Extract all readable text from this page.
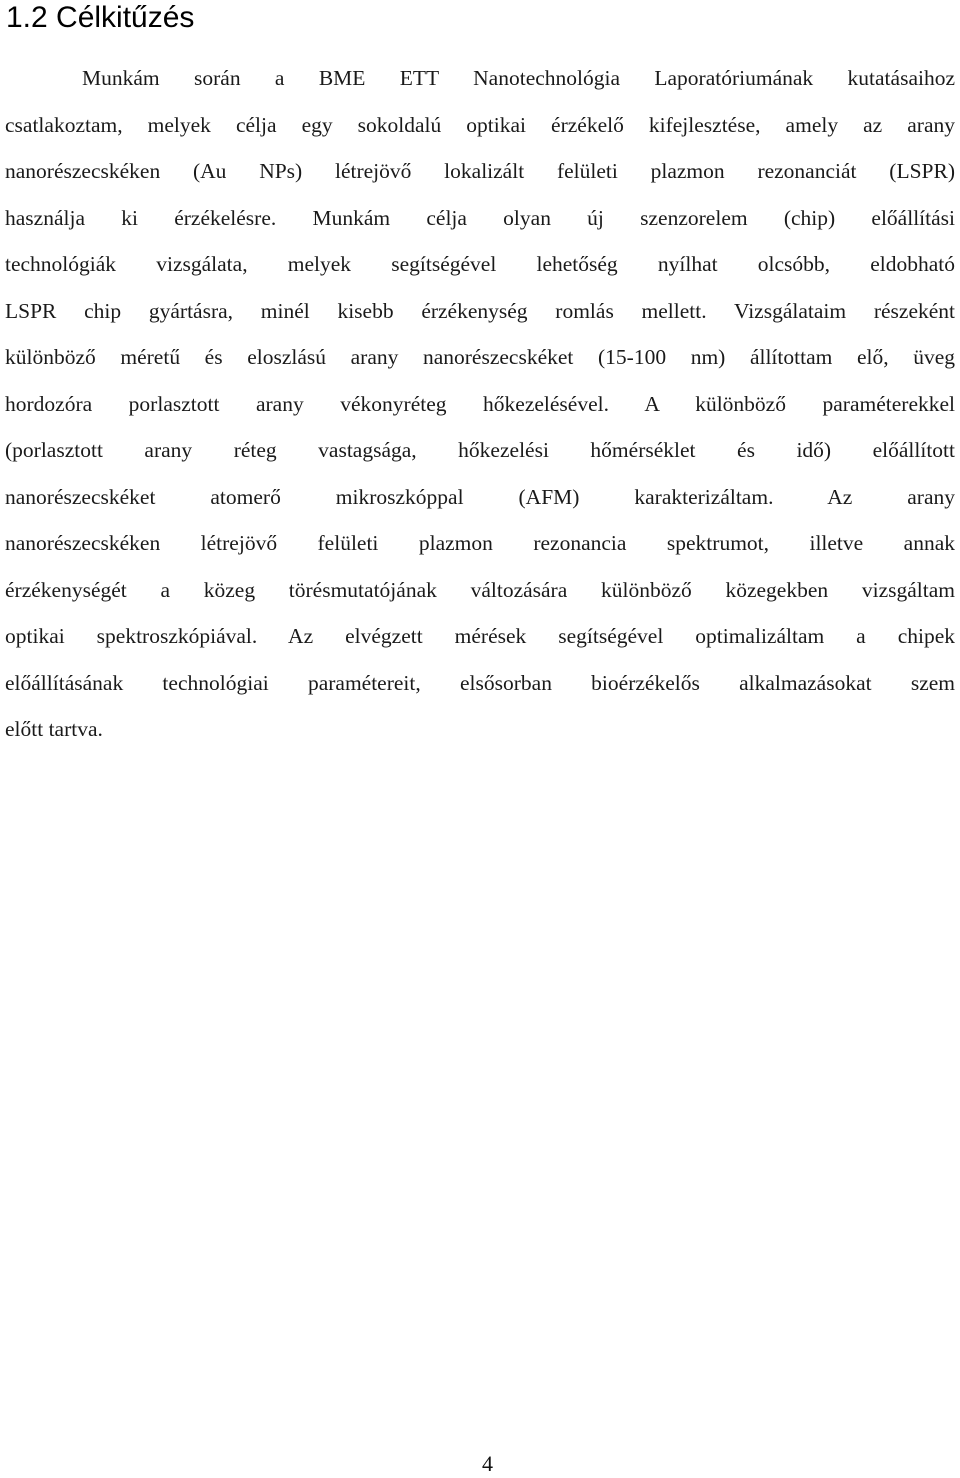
1.2 Célkitűzés
Munkám során a BME ETT Nanotechnológia Laporatóriumának kutatásaihoz
csatlakoztam, melyek célja egy sokoldalú optikai érzékelő kifejlesztése, amely az arany
nanorészecskéken (Au NPs) létrejövő lokalizált felületi plazmon rezonanciát (LSPR)
használja ki érzékelésre. Munkám célja olyan új szenzorelem (chip) előállítási
technológiák vizsgálata, melyek segítségével lehetőség nyílhat olcsóbb, eldobható
LSPR chip gyártásra, minél kisebb érzékenység romlás mellett. Vizsgálataim részeként
különböző méretű és eloszlású arany nanorészecskéket (15-100 nm) állítottam elő, üveg
hordozóra porlasztott arany vékonyréteg hőkezelésével. A különböző paraméterekkel
(porlasztott arany réteg vastagsága, hőkezelési hőmérséklet és idő) előállított
nanorészecskéket atomerő mikroszkóppal (AFM) karakterizáltam. Az arany
nanorészecskéken létrejövő felületi plazmon rezonancia spektrumot, illetve annak
érzékenységét a közeg törésmutatójának változására különböző közegekben vizsgáltam
optikai spektroszkópiával. Az elvégzett mérések segítségével optimalizáltam a chipek
előállításának technológiai paramétereit, elsősorban bioérzékelős alkalmazásokat szem
előtt tartva.
4
